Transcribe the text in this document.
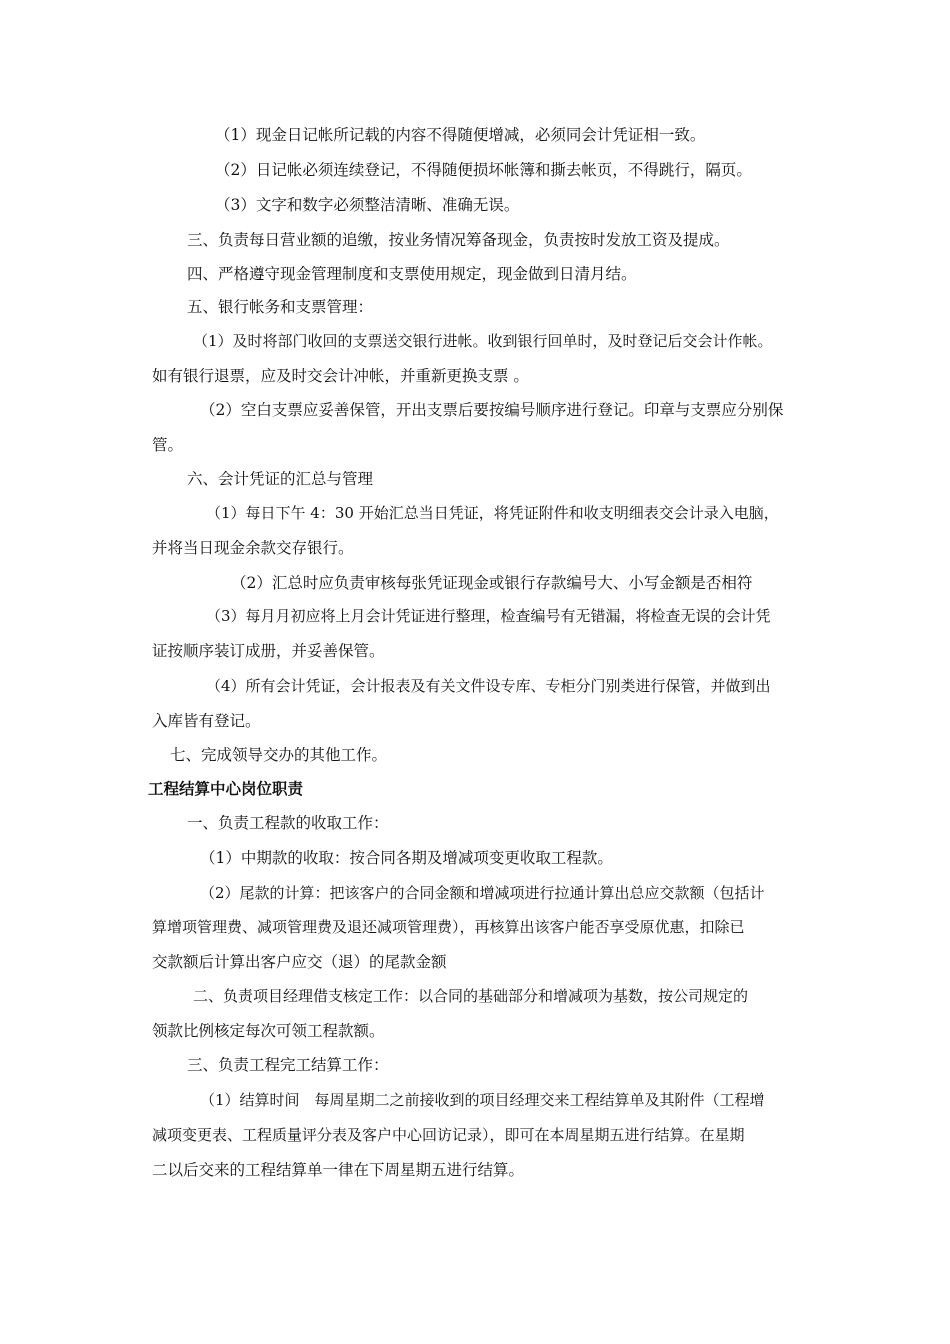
（1）现金日记帐所记载的内容不得随便增减，必须同会计凭证相一致。
（2）日记帐必须连续登记，不得随便损坏帐簿和撕去帐页，不得跳行，隔页。
（3）文字和数字必须整洁清晰、准确无误。
三、负责每日营业额的追缴，按业务情况筹备现金，负责按时发放工资及提成。
四、严格遵守现金管理制度和支票使用规定，现金做到日清月结。
五、银行帐务和支票管理：
（1）及时将部门收回的支票送交银行进帐。收到银行回单时，及时登记后交会计作帐。
如有银行退票，应及时交会计冲帐，并重新更换支票 。
（2）空白支票应妥善保管，开出支票后要按编号顺序进行登记。印章与支票应分别保
管。
六、会计凭证的汇总与管理
（1）每日下午 4：30 开始汇总当日凭证，将凭证附件和收支明细表交会计录入电脑，
并将当日现金余款交存银行。
（2）汇总时应负责审核每张凭证现金或银行存款编号大、小写金额是否相符
（3）每月月初应将上月会计凭证进行整理，检查编号有无错漏，将检查无误的会计凭
证按顺序装订成册，并妥善保管。
（4）所有会计凭证，会计报表及有关文件设专库、专柜分门别类进行保管，并做到出
入库皆有登记。
七、完成领导交办的其他工作。
工程结算中心岗位职责
一、负责工程款的收取工作：
（1）中期款的收取：按合同各期及增减项变更收取工程款。
（2）尾款的计算：把该客户的合同金额和增减项进行拉通计算出总应交款额（包括计
算增项管理费、减项管理费及退还减项管理费），再核算出该客户能否享受原优惠，扣除已
交款额后计算出客户应交（退）的尾款金额
二、负责项目经理借支核定工作：以合同的基础部分和增减项为基数，按公司规定的
领款比例核定每次可领工程款额。
三、负责工程完工结算工作：
（1）结算时间　每周星期二之前接收到的项目经理交来工程结算单及其附件（工程增
减项变更表、工程质量评分表及客户中心回访记录），即可在本周星期五进行结算。在星期
二以后交来的工程结算单一律在下周星期五进行结算。
